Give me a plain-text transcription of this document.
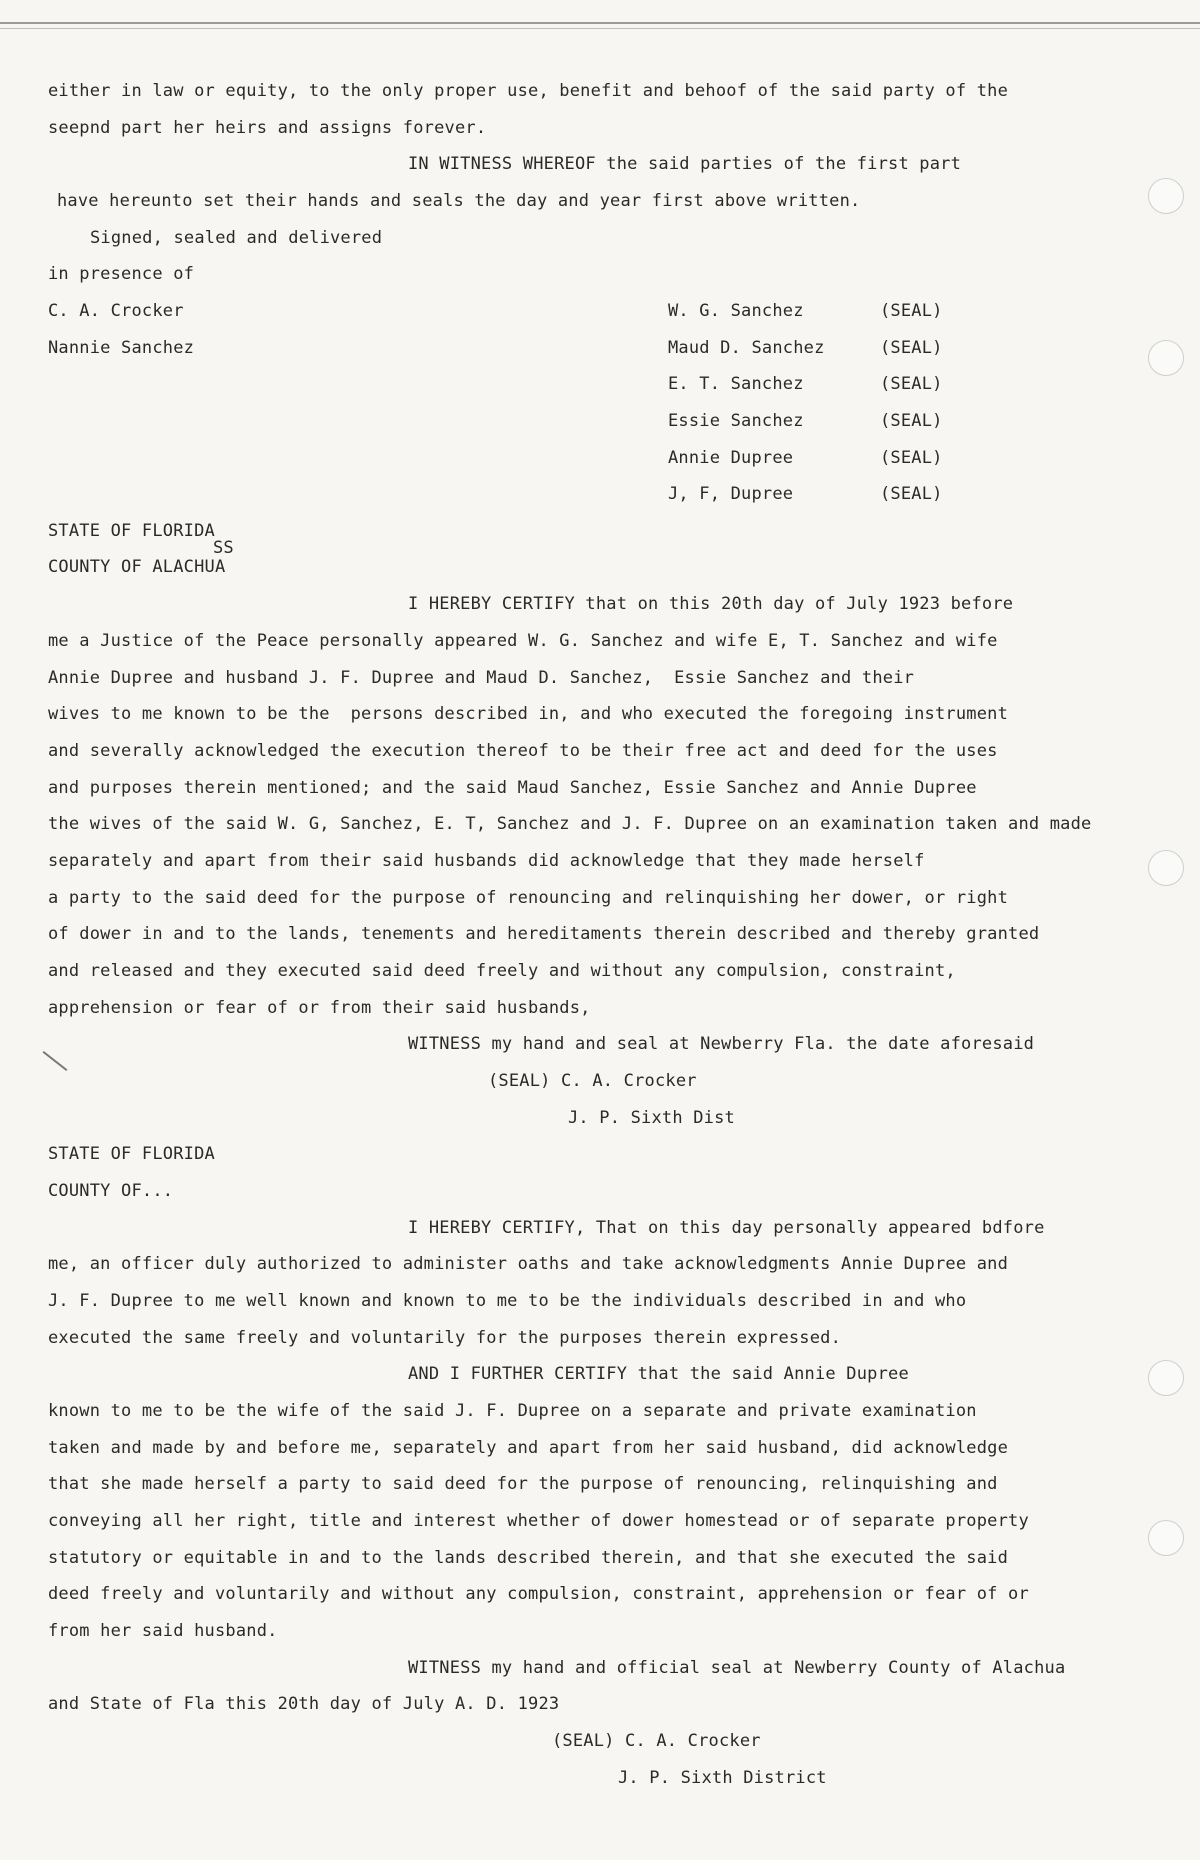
either in law or equity, to the only proper use, benefit and behoof of the said party of the
seepnd part her heirs and assigns forever.
IN WITNESS WHEREOF the said parties of the first part
have hereunto set their hands and seals the day and year first above written.
Signed, sealed and delivered
in presence of
C. A. Crocker
Nannie Sanchez
W. G. Sanchez	(SEAL)
Maud D. Sanchez	(SEAL)
E. T. Sanchez	(SEAL)
Essie Sanchez	(SEAL)
Annie Dupree	(SEAL)
J, F, Dupree	(SEAL)
STATE OF FLORIDA
SS
COUNTY OF ALACHUA
I HEREBY CERTIFY that on this 20th day of July 1923 before
me a Justice of the Peace personally appeared W. G. Sanchez and wife E, T. Sanchez and wife
Annie Dupree and husband J. F. Dupree and Maud D. Sanchez,  Essie Sanchez and their
wives to me known to be the  persons described in, and who executed the foregoing instrument
and severally acknowledged the execution thereof to be their free act and deed for the uses
and purposes therein mentioned; and the said Maud Sanchez, Essie Sanchez and Annie Dupree
the wives of the said W. G, Sanchez, E. T, Sanchez and J. F. Dupree on an examination taken and made
separately and apart from their said husbands did acknowledge that they made herself
a party to the said deed for the purpose of renouncing and relinquishing her dower, or right
of dower in and to the lands, tenements and hereditaments therein described and thereby granted
and released and they executed said deed freely and without any compulsion, constraint,
apprehension or fear of or from their said husbands,
WITNESS my hand and seal at Newberry Fla. the date aforesaid
(SEAL) C. A. Crocker
J. P. Sixth Dist
STATE OF FLORIDA
COUNTY OF...
I HEREBY CERTIFY, That on this day personally appeared bdfore
me, an officer duly authorized to administer oaths and take acknowledgments Annie Dupree and
J. F. Dupree to me well known and known to me to be the individuals described in and who
executed the same freely and voluntarily for the purposes therein expressed.
AND I FURTHER CERTIFY that the said Annie Dupree
known to me to be the wife of the said J. F. Dupree on a separate and private examination
taken and made by and before me, separately and apart from her said husband, did acknowledge
that she made herself a party to said deed for the purpose of renouncing, relinquishing and
conveying all her right, title and interest whether of dower homestead or of separate property
statutory or equitable in and to the lands described therein, and that she executed the said
deed freely and voluntarily and without any compulsion, constraint, apprehension or fear of or
from her said husband.
WITNESS my hand and official seal at Newberry County of Alachua
and State of Fla this 20th day of July A. D. 1923
(SEAL) C. A. Crocker
J. P. Sixth District
